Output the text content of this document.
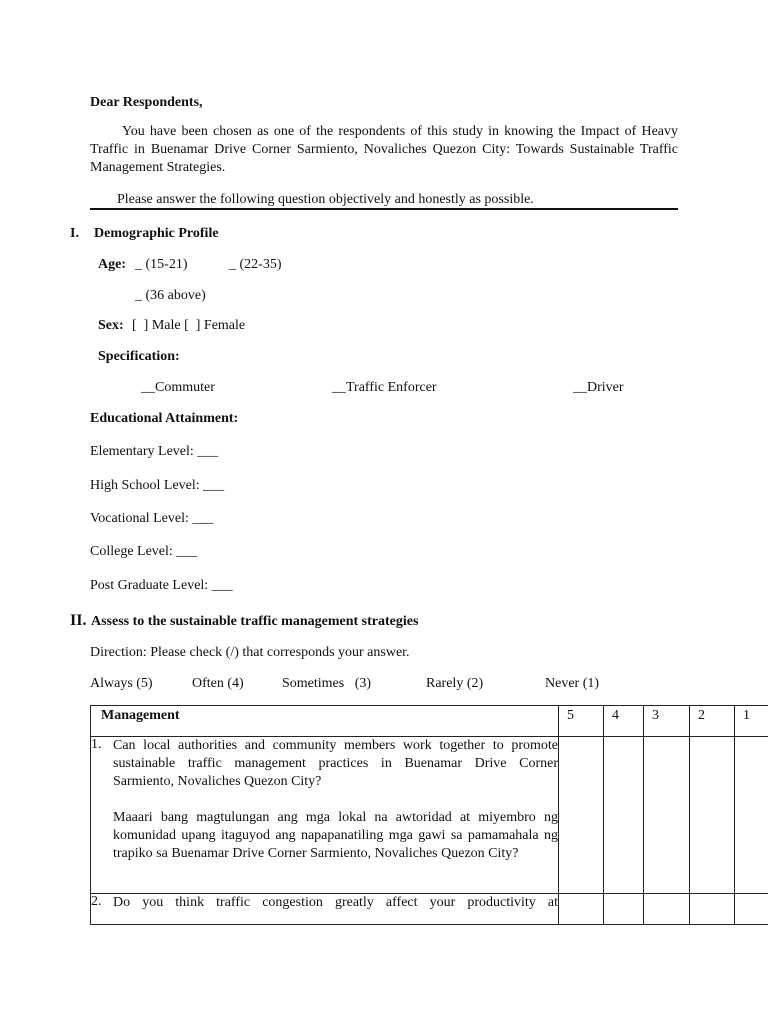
Dear Respondents,
You have been chosen as one of the respondents of this study in knowing the Impact of Heavy Traffic in Buenamar Drive Corner Sarmiento, Novaliches Quezon City: Towards Sustainable Traffic Management Strategies.
Please answer the following question objectively and honestly as possible.
I. Demographic Profile
Age: _ (15-21)	_ (22-35)
_ (36 above)
Sex: [  ] Male [  ] Female
Specification:
__Commuter	__Traffic Enforcer	__Driver
Educational Attainment:
Elementary Level: ___
High School Level: ___
Vocational Level: ___
College Level: ___
Post Graduate Level: ___
II. Assess to the sustainable traffic management strategies
Direction: Please check (/) that corresponds your answer.
Always (5)	Often (4)	Sometimes   (3)	Rarely (2)	Never (1)
Management	5	4	3	2	1

1. Can local authorities and community members work together to promote sustainable traffic management practices in Buenamar Drive Corner Sarmiento, Novaliches Quezon City?

Maaari bang magtulungan ang mga lokal na awtoridad at miyembro ng komunidad upang itaguyod ang napapanatiling mga gawi sa pamamahala ng trapiko sa Buenamar Drive Corner Sarmiento, Novaliches Quezon City?					

2. Do you think traffic congestion greatly affect your productivity at					
